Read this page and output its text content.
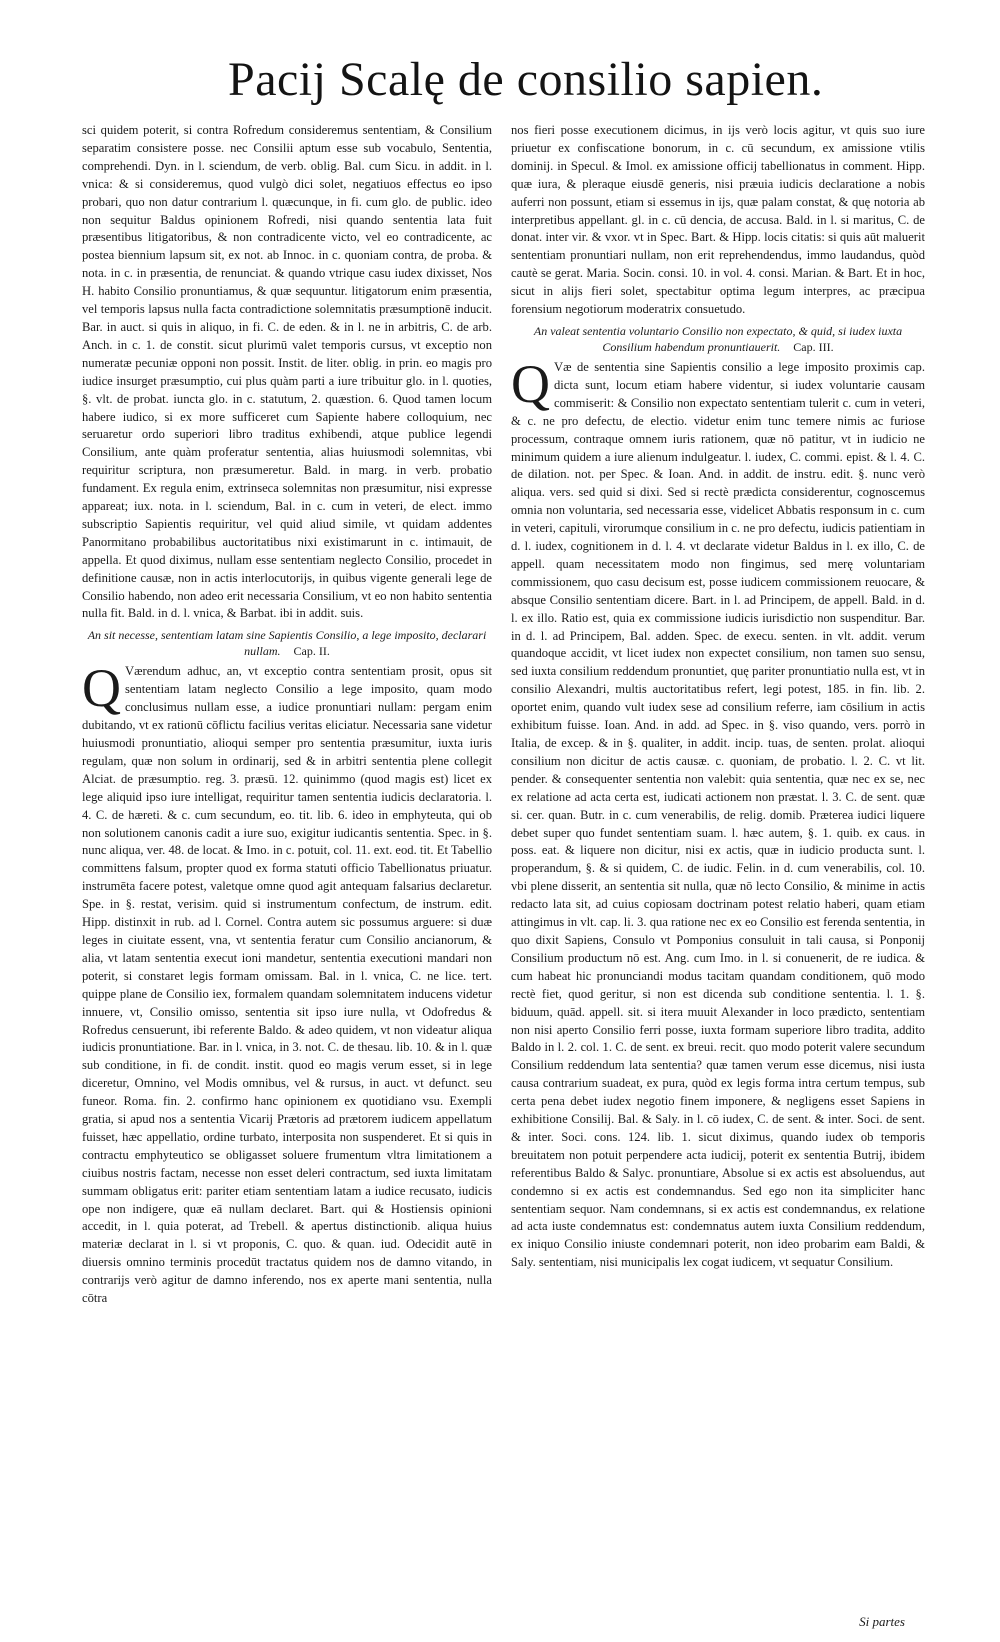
Pacij Scalę de consilio sapien.

sci quidem poterit, si contra Rofredum consideremus sententiam, & Consilium separatim consistere posse. nec Consilii aptum esse sub vocabulo, Sententia, comprehendi. Dyn. in l. sciendum, de verb. oblig. Bal. cum Sicu. in addit. in l. vnica: & si consideremus, quod vulgò dici solet, negatiuos effectus eo ipso probari, quo non datur contrarium l. quæcunque, in fi. cum glo. de public. ideo non sequitur Baldus opinionem Rofredi, nisi quando sententia lata fuit præsentibus litigatoribus, & non contradicente victo, vel eo contradicente, ac postea biennium lapsum sit, ex not. ab Innoc. in c. quoniam contra, de proba. & nota. in c. in præsentia, de renunciat. & quando vtrique casu iudex dixisset, Nos H. habito Consilio pronuntiamus, & quæ sequuntur. litigatorum enim præsentia, vel temporis lapsus nulla facta contradictione solemnitatis præsumptionē inducit. Bar. in auct. si quis in aliquo, in fi. C. de eden. & in l. ne in arbitris, C. de arb. Anch. in c. 1. de constit. sicut plurimū valet temporis cursus, vt exceptio non numeratæ pecuniæ opponi non possit. Instit. de liter. oblig. in prin. eo magis pro iudice insurget præsumptio, cui plus quàm parti a iure tribuitur glo. in l. quoties, §. vlt. de probat. iuncta glo. in c. statutum, 2. quæstion. 6. Quod tamen locum habere iudico, si ex more sufficeret cum Sapiente habere colloquium, nec seruaretur ordo superiori libro traditus exhibendi, atque publice legendi Consilium, ante quàm proferatur sententia, alias huiusmodi solemnitas, vbi requiritur scriptura, non præsumeretur. Bald. in marg. in verb. probatio fundament. Ex regula enim, extrinseca solemnitas non præsumitur, nisi expresse appareat; iux. nota. in l. sciendum, Bal. in c. cum in veteri, de elect. immo subscriptio Sapientis requiritur, vel quid aliud simile, vt quidam addentes Panormitano probabilibus auctoritatibus nixi existimarunt in c. intimauit, de appella. Et quod diximus, nullam esse sententiam neglecto Consilio, procedet in definitione causæ, non in actis interlocutorijs, in quibus vigente generali lege de Consilio habendo, non adeo erit necessaria Consilium, vt eo non habito sententia nulla fit. Bald. in d. l. vnica, & Barbat. ibi in addit. suis.

An sit necesse, sententiam latam sine Sapientis Consilio, a lege imposito, declarari nullam. Cap. II.
Q Værendum adhuc, an, vt exceptio contra sententiam prosit, opus sit sententiam latam neglecto Consilio a lege imposito, quam modo conclusimus nullam esse, a iudice pronuntiari nullam: pergam enim dubitando, vt ex rationū cōflictu facilius veritas eliciatur. Necessaria sane videtur huiusmodi pronuntiatio, alioqui semper pro sententia præsumitur, iuxta iuris regulam, quæ non solum in ordinarij, sed & in arbitri sententia plene collegit Alciat. de præsumptio. reg. 3. præsū. 12. quinimmo (quod magis est) licet ex lege aliquid ipso iure intelligat, requiritur tamen sententia iudicis declaratoria. l. 4. C. de hæreti. & c. cum secundum, eo. tit. lib. 6. ideo in emphyteuta, qui ob non solutionem canonis cadit a iure suo, exigitur iudicantis sententia. Spec. in §. nunc aliqua, ver. 48. de locat. & Imo. in c. potuit, col. 11. ext. eod. tit. Et Tabellio committens falsum, propter quod ex forma statuti officio Tabellionatus priuatur. instrumēta facere potest, valetque omne quod agit antequam falsarius declaretur. Spe. in §. restat, verisim. quid si instrumentum confectum, de instrum. edit. Hipp. distinxit in rub. ad l. Cornel. Contra autem sic possumus arguere: si duæ leges in ciuitate essent, vna, vt sententia feratur cum Consilio ancianorum, & alia, vt latam sententia execut ioni mandetur, sententia executioni mandari non poterit, si constaret legis formam omissam. Bal. in l. vnica, C. ne lice. tert. quippe plane de Consilio iex, formalem quandam solemnitatem inducens videtur innuere, vt, Consilio omisso, sententia sit ipso iure nulla, vt Odofredus & Rofredus censuerunt, ibi referente Baldo. & adeo quidem, vt non videatur aliqua iudicis pronuntiatione. Bar. in l. vnica, in 3. not. C. de thesau. lib. 10. & in l. quæ sub conditione, in fi. de condit. instit. quod eo magis verum esset, si in lege diceretur, Omnino, vel Modis omnibus, vel & rursus, in auct. vt defunct. seu funeor. Roma. fin. 2. confirmo hanc opinionem ex quotidiano vsu. Exempli gratia, si apud nos a sententia Vicarij Prætoris ad prætorem iudicem appellatum fuisset, hæc appellatio, ordine turbato, interposita non suspenderet. Et si quis in contractu emphyteutico se obligasset soluere frumentum vltra limitationem a ciuibus nostris factam, necesse non esset deleri contractum, sed iuxta limitatam summam obligatus erit: pariter etiam sententiam latam a iudice recusato, iudicis ope non indigere, quæ eā nullam declaret. Bart. qui & Hostiensis opinioni accedit, in l. quia poterat, ad Trebell. & apertus distinctionib. aliqua huius materiæ declarat in l. si vt proponis, C. quo. & quan. iud. Odecidit autē in diuersis omnino terminis procedūt tractatus quidem nos de damno vitando, in contrarijs verò agitur de damno inferendo, nos ex aperte mani sententia, nulla cōtra

nos fieri posse executionem dicimus, in ijs verò locis agitur, vt quis suo iure priuetur ex confiscatione bonorum, in c. cū secundum, ex amissione vtilis dominij. in Specul. & Imol. ex amissione officij tabellionatus in comment. Hipp. quæ iura, & pleraque eiusdē generis, nisi præuia iudicis declaratione a nobis auferri non possunt, etiam si essemus in ijs, quæ palam constat, & quę notoria ab interpretibus appellant. gl. in c. cū dencia, de accusa. Bald. in l. si maritus, C. de donat. inter vir. & vxor. vt in Spec. Bart. & Hipp. locis citatis: si quis aūt maluerit sententiam pronuntiari nullam, non erit reprehendendus, immo laudandus, quòd cautè se gerat. Maria. Socin. consi. 10. in vol. 4. consi. Marian. & Bart. Et in hoc, sicut in alijs fieri solet, spectabitur optima legum interpres, ac præcipua forensium negotiorum moderatrix consuetudo.

An valeat sententia voluntario Consilio non expectato, & quid, si iudex iuxta Consilium habendum pronuntiauerit. Cap. III.
Q Væ de sententia sine Sapientis consilio a lege imposito proximis cap. dicta sunt, locum etiam habere videntur, si iudex voluntarie causam commiserit: & Consilio non expectato sententiam tulerit c. cum in veteri, & c. ne pro defectu, de electio. videtur enim tunc temere nimis ac furiose processum, contraque omnem iuris rationem, quæ nō patitur, vt in iudicio ne minimum quidem a iure alienum indulgeatur. l. iudex, C. commi. epist. & l. 4. C. de dilation. not. per Spec. & Ioan. And. in addit. de instru. edit. §. nunc verò aliqua. vers. sed quid si dixi. Sed si rectè prædicta considerentur, cognoscemus omnia non voluntaria, sed necessaria esse, videlicet Abbatis responsum in c. cum in veteri, capituli, virorumque consilium in c. ne pro defectu, iudicis patientiam in d. l. iudex, cognitionem in d. l. 4. vt declarate videtur Baldus in l. ex illo, C. de appell. quam necessitatem modo non fingimus, sed merę voluntariam commissionem, quo casu decisum est, posse iudicem commissionem reuocare, & absque Consilio sententiam dicere. Bart. in l. ad Principem, de appell. Bald. in d. l. ex illo. Ratio est, quia ex commissione iudicis iurisdictio non suspenditur. Bar. in d. l. ad Principem, Bal. adden. Spec. de execu. senten. in vlt. addit. verum quandoque accidit, vt licet iudex non expectet consilium, non tamen suo sensu, sed iuxta consilium reddendum pronuntiet, quę pariter pronuntiatio nulla est, vt in consilio Alexandri, multis auctoritatibus refert, legi potest, 185. in fin. lib. 2. oportet enim, quando vult iudex sese ad consilium referre, iam cōsilium in actis exhibitum fuisse. Ioan. And. in add. ad Spec. in §. viso quando, vers. porrò in Italia, de excep. & in §. qualiter, in addit. incip. tuas, de senten. prolat. alioqui consilium non dicitur de actis causæ. c. quoniam, de probatio. l. 2. C. vt lit. pender. & consequenter sententia non valebit: quia sententia, quæ nec ex se, nec ex relatione ad acta certa est, iudicati actionem non præstat. l. 3. C. de sent. quæ si. cer. quan. Butr. in c. cum venerabilis, de relig. domib. Præterea iudici liquere debet super quo fundet sententiam suam. l. hæc autem, §. 1. quib. ex caus. in poss. eat. & liquere non dicitur, nisi ex actis, quæ in iudicio producta sunt. l. properandum, §. & si quidem, C. de iudic. Felin. in d. cum venerabilis, col. 10. vbi plene disserit, an sententia sit nulla, quæ nō lecto Consilio, & minime in actis redacto lata sit, ad cuius copiosam doctrinam potest relatio haberi, quam etiam attingimus in vlt. cap. li. 3. qua ratione nec ex eo Consilio est ferenda sententia, in quo dixit Sapiens, Consulo vt Pomponius consuluit in tali causa, si Ponponij Consilium productum nō est. Ang. cum Imo. in l. si conuenerit, de re iudica. & cum habeat hic pronunciandi modus tacitam quandam conditionem, quō modo rectè fiet, quod geritur, si non est dicenda sub conditione sententia. l. 1. §. biduum, quād. appell. sit. si itera muuit Alexander in loco prædicto, sententiam non nisi aperto Consilio ferri posse, iuxta formam superiore libro tradita, addito Baldo in l. 2. col. 1. C. de sent. ex breui. recit. quo modo poterit valere secundum Consilium reddendum lata sententia? quæ tamen verum esse dicemus, nisi iusta causa contrarium suadeat, ex pura, quòd ex legis forma intra certum tempus, sub certa pena debet iudex negotio finem imponere, & negligens esset Sapiens in exhibitione Consilij. Bal. & Saly. in l. cō iudex, C. de sent. & inter. Soci. de sent. & inter. Soci. cons. 124. lib. 1. sicut diximus, quando iudex ob temporis breuitatem non potuit perpendere acta iudicij, poterit ex sententia Butrij, ibidem referentibus Baldo & Salyc. pronuntiare, Absolue si ex actis est absoluendus, aut condemno si ex actis est condemnandus. Sed ego non ita simpliciter hanc sententiam sequor. Nam condemnans, si ex actis est condemnandus, ex relatione ad acta iuste condemnatus est: condemnatus autem iuxta Consilium reddendum, ex iniquo Consilio iniuste condemnari poterit, non ideo probarim eam Baldi, & Saly. sententiam, nisi municipalis lex cogat iudicem, vt sequatur Consilium.

Si partes
